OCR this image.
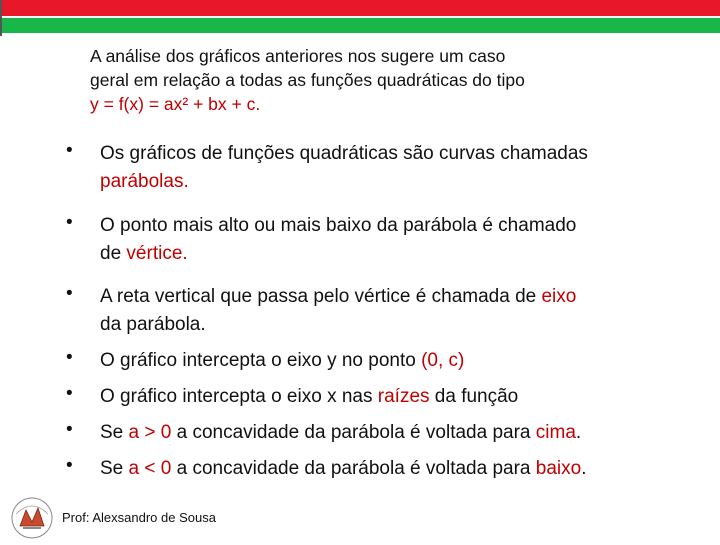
A análise dos gráficos anteriores nos sugere um caso
geral em relação a todas as funções quadráticas do tipo
y = f(x) = ax² + bx + c.
• Os gráficos de funções quadráticas são curvas chamadas
parábolas.
• O ponto mais alto ou mais baixo da parábola é chamado
de vértice.
• A reta vertical que passa pelo vértice é chamada de eixo
da parábola.
• O gráfico intercepta o eixo y no ponto (0, c)
• O gráfico intercepta o eixo x nas raízes da função
• Se a > 0 a concavidade da parábola é voltada para cima.
• Se a < 0 a concavidade da parábola é voltada para baixo.
Prof: Alexsandro de Sousa
